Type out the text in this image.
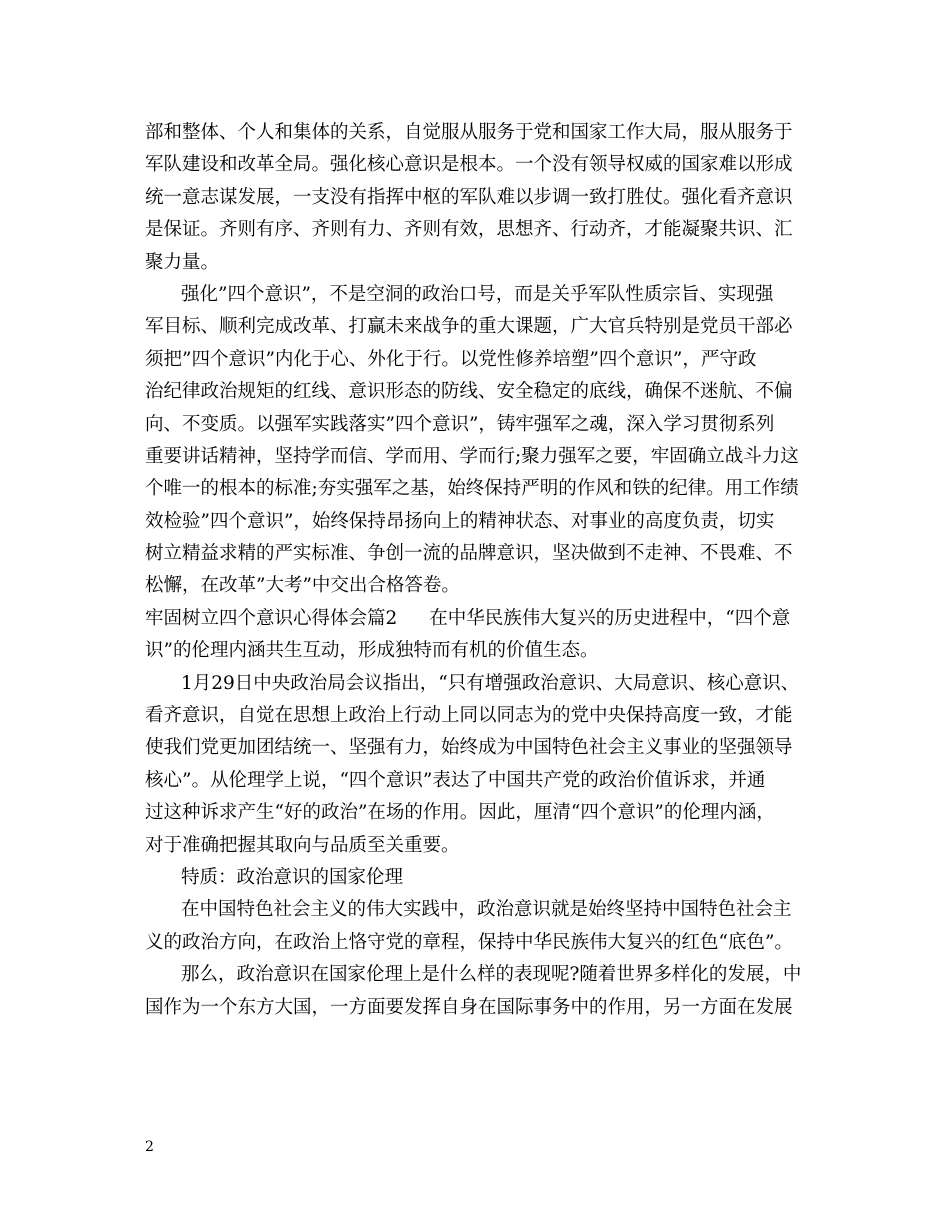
部和整体、个人和集体的关系，自觉服从服务于党和国家工作大局，服从服务于
军队建设和改革全局。强化核心意识是根本。一个没有领导权威的国家难以形成
统一意志谋发展，一支没有指挥中枢的军队难以步调一致打胜仗。强化看齐意识
是保证。齐则有序、齐则有力、齐则有效，思想齐、行动齐，才能凝聚共识、汇
聚力量。
强化”四个意识”，不是空洞的政治口号，而是关乎军队性质宗旨、实现强
军目标、顺利完成改革、打赢未来战争的重大课题，广大官兵特别是党员干部必
须把”四个意识”内化于心、外化于行。以党性修养培塑”四个意识”，严守政
治纪律政治规矩的红线、意识形态的防线、安全稳定的底线，确保不迷航、不偏
向、不变质。以强军实践落实”四个意识”，铸牢强军之魂，深入学习贯彻系列
重要讲话精神，坚持学而信、学而用、学而行;聚力强军之要，牢固确立战斗力这
个唯一的根本的标准;夯实强军之基，始终保持严明的作风和铁的纪律。用工作绩
效检验”四个意识”，始终保持昂扬向上的精神状态、对事业的高度负责，切实
树立精益求精的严实标准、争创一流的品牌意识，坚决做到不走神、不畏难、不
松懈，在改革”大考”中交出合格答卷。
牢固树立四个意识心得体会篇2 在中华民族伟大复兴的历史进程中，“四个意
识”的伦理内涵共生互动，形成独特而有机的价值生态。
1月29日中央政治局会议指出，“只有增强政治意识、大局意识、核心意识、
看齐意识，自觉在思想上政治上行动上同以同志为的党中央保持高度一致，才能
使我们党更加团结统一、坚强有力，始终成为中国特色社会主义事业的坚强领导
核心”。从伦理学上说，“四个意识”表达了中国共产党的政治价值诉求，并通
过这种诉求产生“好的政治”在场的作用。因此，厘清“四个意识”的伦理内涵，
对于准确把握其取向与品质至关重要。
特质：政治意识的国家伦理
在中国特色社会主义的伟大实践中，政治意识就是始终坚持中国特色社会主
义的政治方向，在政治上恪守党的章程，保持中华民族伟大复兴的红色“底色”。
那么，政治意识在国家伦理上是什么样的表现呢?随着世界多样化的发展，中
国作为一个东方大国，一方面要发挥自身在国际事务中的作用，另一方面在发展
2
